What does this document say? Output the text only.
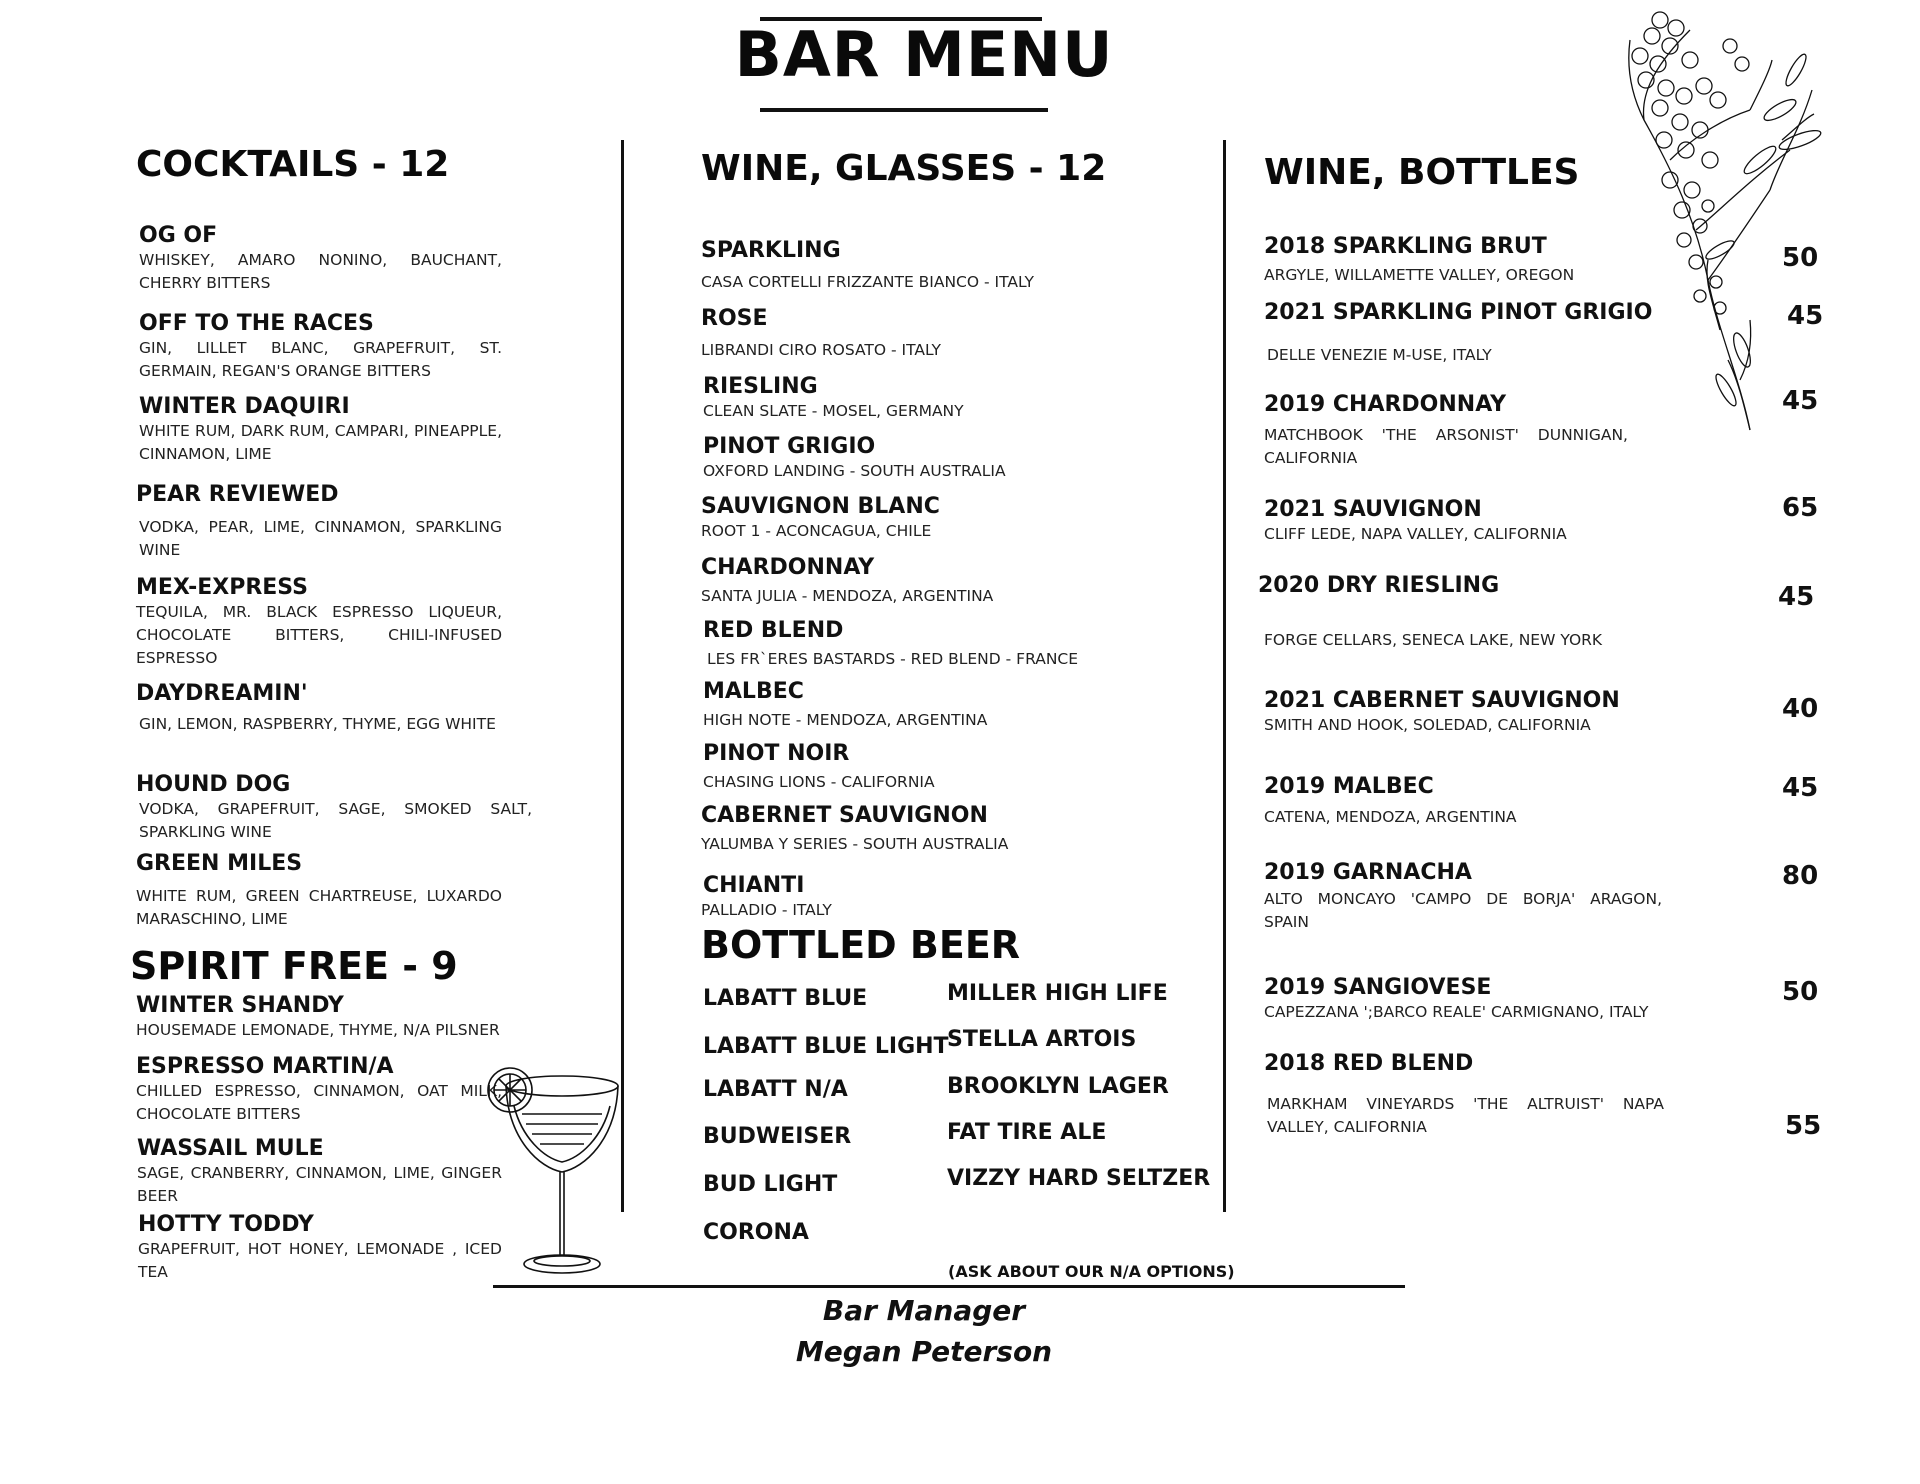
BAR MENU
COCKTAILS - 12
OG OF
WHISKEY, AMARO NONINO, BAUCHANT, CHERRY BITTERS
OFF TO THE RACES
GIN, LILLET BLANC, GRAPEFRUIT, ST. GERMAIN, REGAN'S ORANGE BITTERS
WINTER DAQUIRI
WHITE RUM, DARK RUM, CAMPARI, PINEAPPLE, CINNAMON, LIME
PEAR REVIEWED
VODKA, PEAR, LIME, CINNAMON, SPARKLING WINE
MEX-EXPRESS
TEQUILA, MR. BLACK ESPRESSO LIQUEUR, CHOCOLATE BITTERS, CHILI-INFUSED ESPRESSO
DAYDREAMIN'
GIN, LEMON, RASPBERRY, THYME, EGG WHITE
HOUND DOG
VODKA, GRAPEFRUIT, SAGE, SMOKED SALT, SPARKLING WINE
GREEN MILES
WHITE RUM, GREEN CHARTREUSE, LUXARDO MARASCHINO, LIME
SPIRIT FREE - 9
WINTER SHANDY
HOUSEMADE LEMONADE, THYME, N/A PILSNER
ESPRESSO MARTIN/A
CHILLED ESPRESSO, CINNAMON, OAT MILK, CHOCOLATE BITTERS
WASSAIL MULE
SAGE, CRANBERRY, CINNAMON, LIME, GINGER BEER
HOTTY TODDY
GRAPEFRUIT, HOT HONEY, LEMONADE , ICED TEA
WINE, GLASSES - 12
SPARKLING
CASA CORTELLI FRIZZANTE BIANCO - ITALY
ROSE
LIBRANDI CIRO ROSATO - ITALY
RIESLING
CLEAN SLATE - MOSEL, GERMANY
PINOT GRIGIO
OXFORD LANDING - SOUTH AUSTRALIA
SAUVIGNON BLANC
ROOT 1 - ACONCAGUA, CHILE
CHARDONNAY
SANTA JULIA - MENDOZA, ARGENTINA
RED BLEND
LES FR`ERES BASTARDS - RED BLEND - FRANCE
MALBEC
HIGH NOTE - MENDOZA, ARGENTINA
PINOT NOIR
CHASING LIONS - CALIFORNIA
CABERNET SAUVIGNON
YALUMBA Y SERIES - SOUTH AUSTRALIA
CHIANTI
PALLADIO - ITALY
BOTTLED BEER
LABATT BLUE
LABATT BLUE LIGHT
LABATT N/A
BUDWEISER
BUD LIGHT
CORONA
MILLER HIGH LIFE
STELLA ARTOIS
BROOKLYN LAGER
FAT TIRE ALE
VIZZY HARD SELTZER
(ASK ABOUT OUR N/A OPTIONS)
Bar Manager
Megan Peterson
WINE, BOTTLES
2018 SPARKLING BRUT
ARGYLE, WILLAMETTE VALLEY, OREGON
50
2021 SPARKLING PINOT GRIGIO
DELLE VENEZIE M-USE, ITALY
45
2019 CHARDONNAY
MATCHBOOK 'THE ARSONIST' DUNNIGAN, CALIFORNIA
45
2021 SAUVIGNON
CLIFF LEDE, NAPA VALLEY, CALIFORNIA
65
2020 DRY RIESLING
FORGE CELLARS, SENECA LAKE, NEW YORK
45
2021 CABERNET SAUVIGNON
SMITH AND HOOK, SOLEDAD, CALIFORNIA
40
2019 MALBEC
CATENA, MENDOZA, ARGENTINA
45
2019 GARNACHA
ALTO MONCAYO 'CAMPO DE BORJA' ARAGON, SPAIN
80
2019 SANGIOVESE
CAPEZZANA ';BARCO REALE' CARMIGNANO, ITALY
50
2018 RED BLEND
MARKHAM VINEYARDS 'THE ALTRUIST' NAPA VALLEY, CALIFORNIA	55
